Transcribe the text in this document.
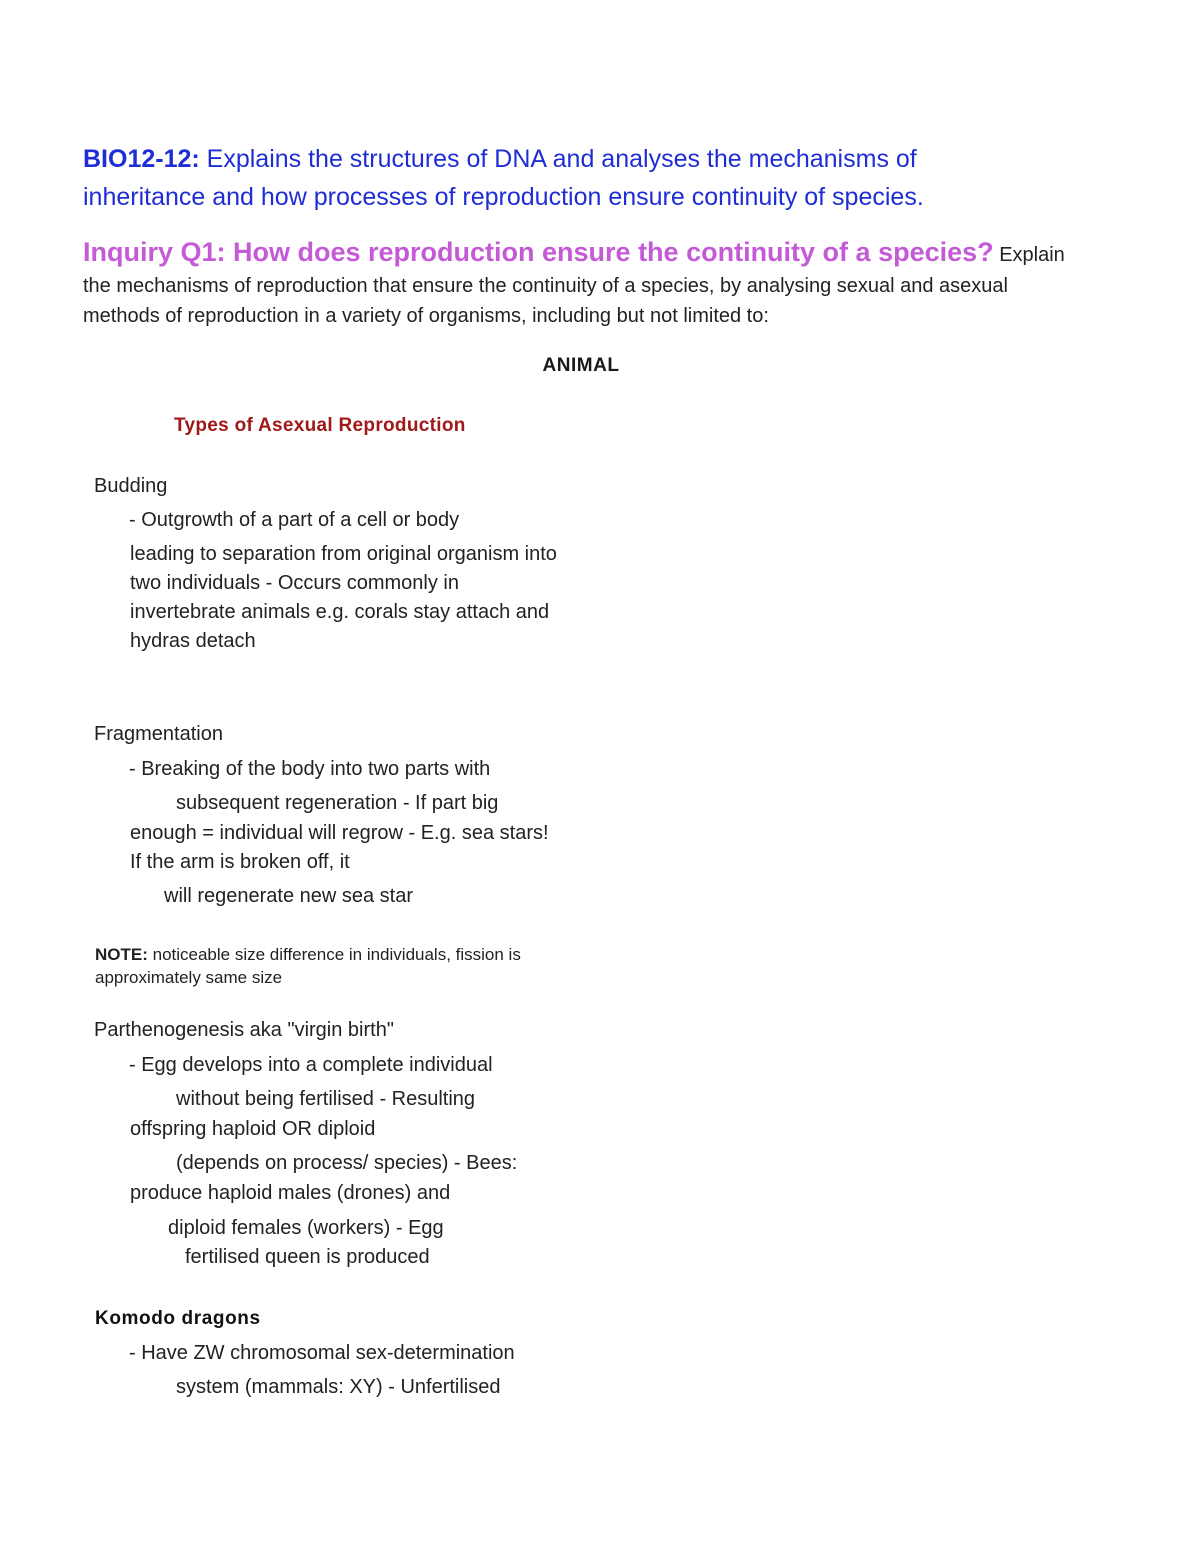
BIO12-12: Explains the structures of DNA and analyses the mechanisms of
inheritance and how processes of reproduction ensure continuity of species.
Inquiry Q1: How does reproduction ensure the continuity of a species? Explain
the mechanisms of reproduction that ensure the continuity of a species, by analysing sexual and asexual
methods of reproduction in a variety of organisms, including but not limited to:
ANIMAL
Types of Asexual Reproduction
Budding
- Outgrowth of a part of a cell or body
leading to separation from original organism into
two individuals - Occurs commonly in
invertebrate animals e.g. corals stay attach and
hydras detach
Fragmentation
- Breaking of the body into two parts with
subsequent regeneration - If part big
enough = individual will regrow - E.g. sea stars!
If the arm is broken off, it
will regenerate new sea star
NOTE: noticeable size difference in individuals, fission is
approximately same size
Parthenogenesis aka "virgin birth"
- Egg develops into a complete individual
without being fertilised - Resulting
offspring haploid OR diploid
(depends on process/ species) - Bees:
produce haploid males (drones) and
diploid females (workers) - Egg
fertilised queen is produced
Komodo dragons
- Have ZW chromosomal sex-determination
system (mammals: XY) - Unfertilised
